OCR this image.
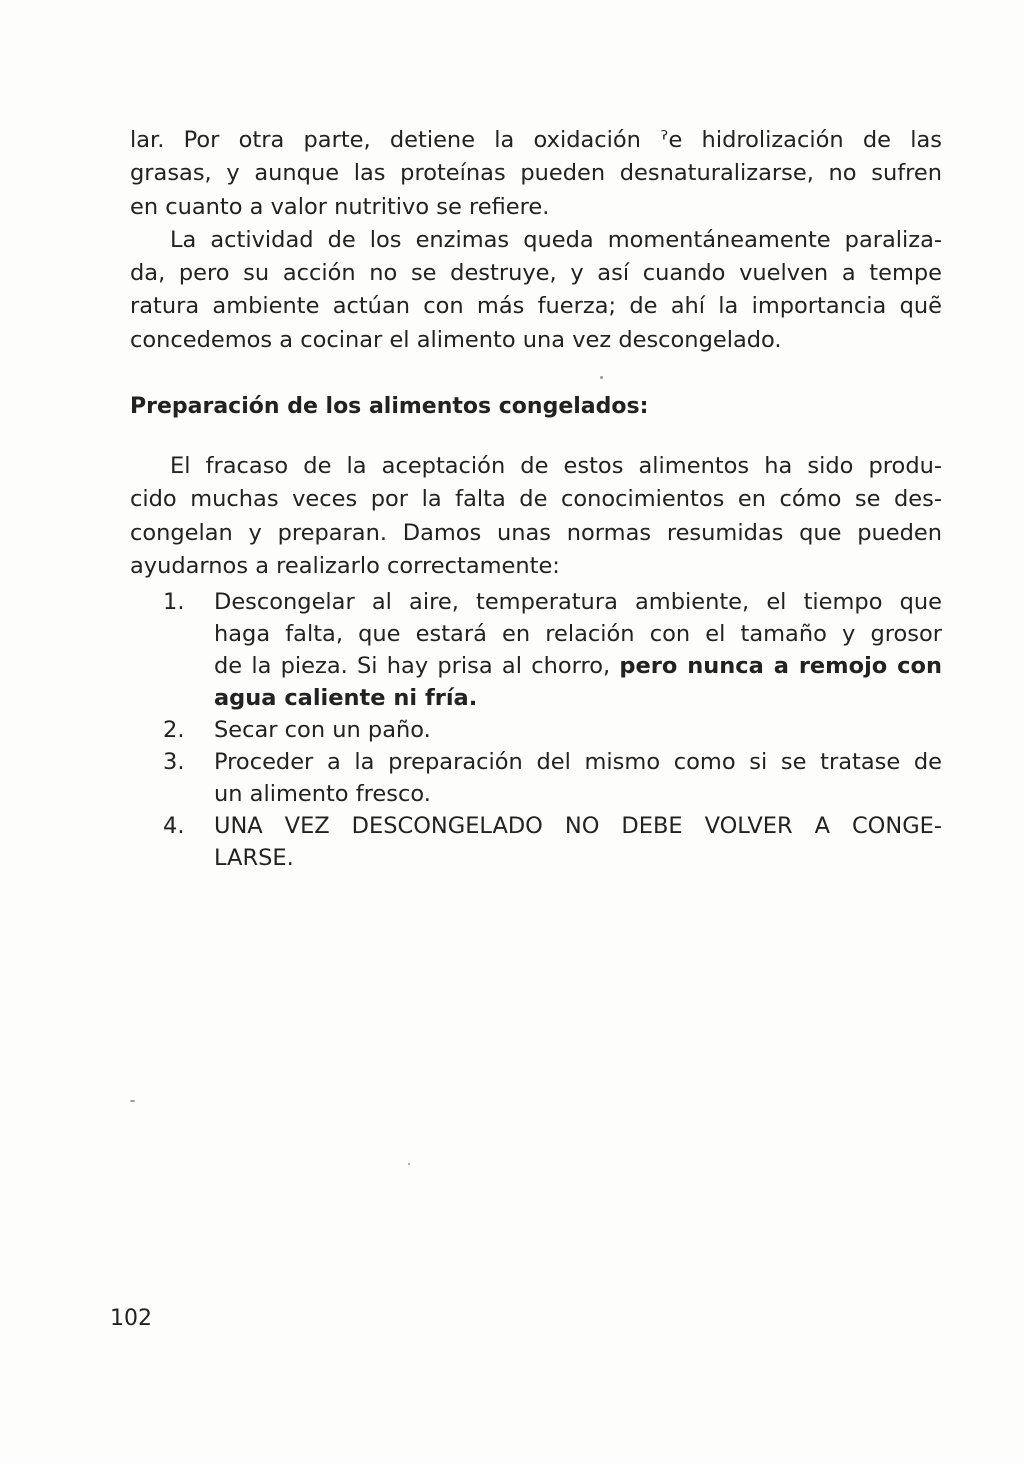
lar. Por otra parte, detiene la oxidación ˀe hidrolización de las
grasas, y aunque las proteínas pueden desnaturalizarse, no sufren
en cuanto a valor nutritivo se refiere.

La actividad de los enzimas queda momentáneamente paraliza-
da, pero su acción no se destruye, y así cuando vuelven a tempe
ratura ambiente actúan con más fuerza; de ahí la importancia quẽ
concedemos a cocinar el alimento una vez descongelado.

Preparación de los alimentos congelados:

El fracaso de la aceptación de estos alimentos ha sido produ-
cido muchas veces por la falta de conocimientos en cómo se des-
congelan y preparan. Damos unas normas resumidas que pueden
ayudarnos a realizarlo correctamente:

1. Descongelar al aire, temperatura ambiente, el tiempo que
haga falta, que estará en relación con el tamaño y grosor
de la pieza. Si hay prisa al chorro, pero nunca a remojo con
agua caliente ni fría.
2. Secar con un paño.
3. Proceder a la preparación del mismo como si se tratase de
un alimento fresco.
4. UNA VEZ DESCONGELADO NO DEBE VOLVER A CONGE-
LARSE.
102
